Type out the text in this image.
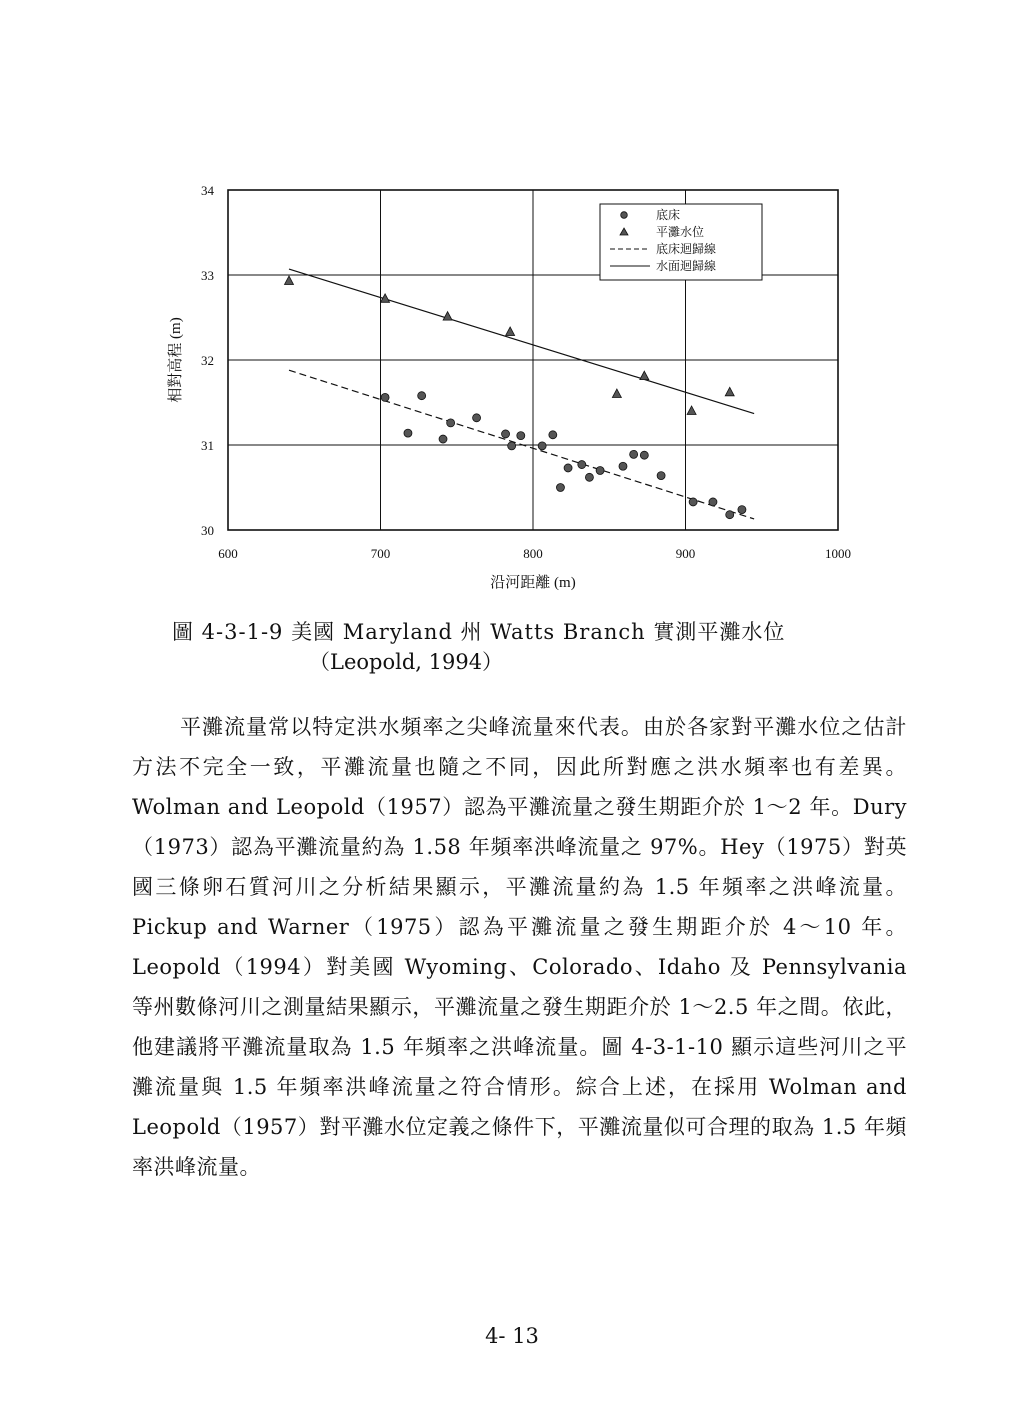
600	700	800	900	1000
30
31
32
33
34
沿河距離 (m)
相對高程 (m)
底床
平灘水位
底床迴歸線
水面迴歸線
圖 4-3-1-9 美國 Maryland 州 Watts Branch 實測平灘水位
（Leopold, 1994）
平灘流量常以特定洪水頻率之尖峰流量來代表。由於各家對平灘水位之估計方法不完全一致，平灘流量也隨之不同，因此所對應之洪水頻率也有差異。Wolman and Leopold（1957）認為平灘流量之發生期距介於 1～2 年。Dury（1973）認為平灘流量約為 1.58 年頻率洪峰流量之 97%。Hey（1975）對英國三條卵石質河川之分析結果顯示，平灘流量約為 1.5 年頻率之洪峰流量。Pickup and Warner（1975）認為平灘流量之發生期距介於 4～10 年。Leopold（1994）對美國 Wyoming、Colorado、Idaho 及 Pennsylvania 等州數條河川之測量結果顯示，平灘流量之發生期距介於 1～2.5 年之間。依此，他建議將平灘流量取為 1.5 年頻率之洪峰流量。圖 4-3-1-10 顯示這些河川之平灘流量與 1.5 年頻率洪峰流量之符合情形。綜合上述，在採用 Wolman and Leopold（1957）對平灘水位定義之條件下，平灘流量似可合理的取為 1.5 年頻率洪峰流量。
4- 13
